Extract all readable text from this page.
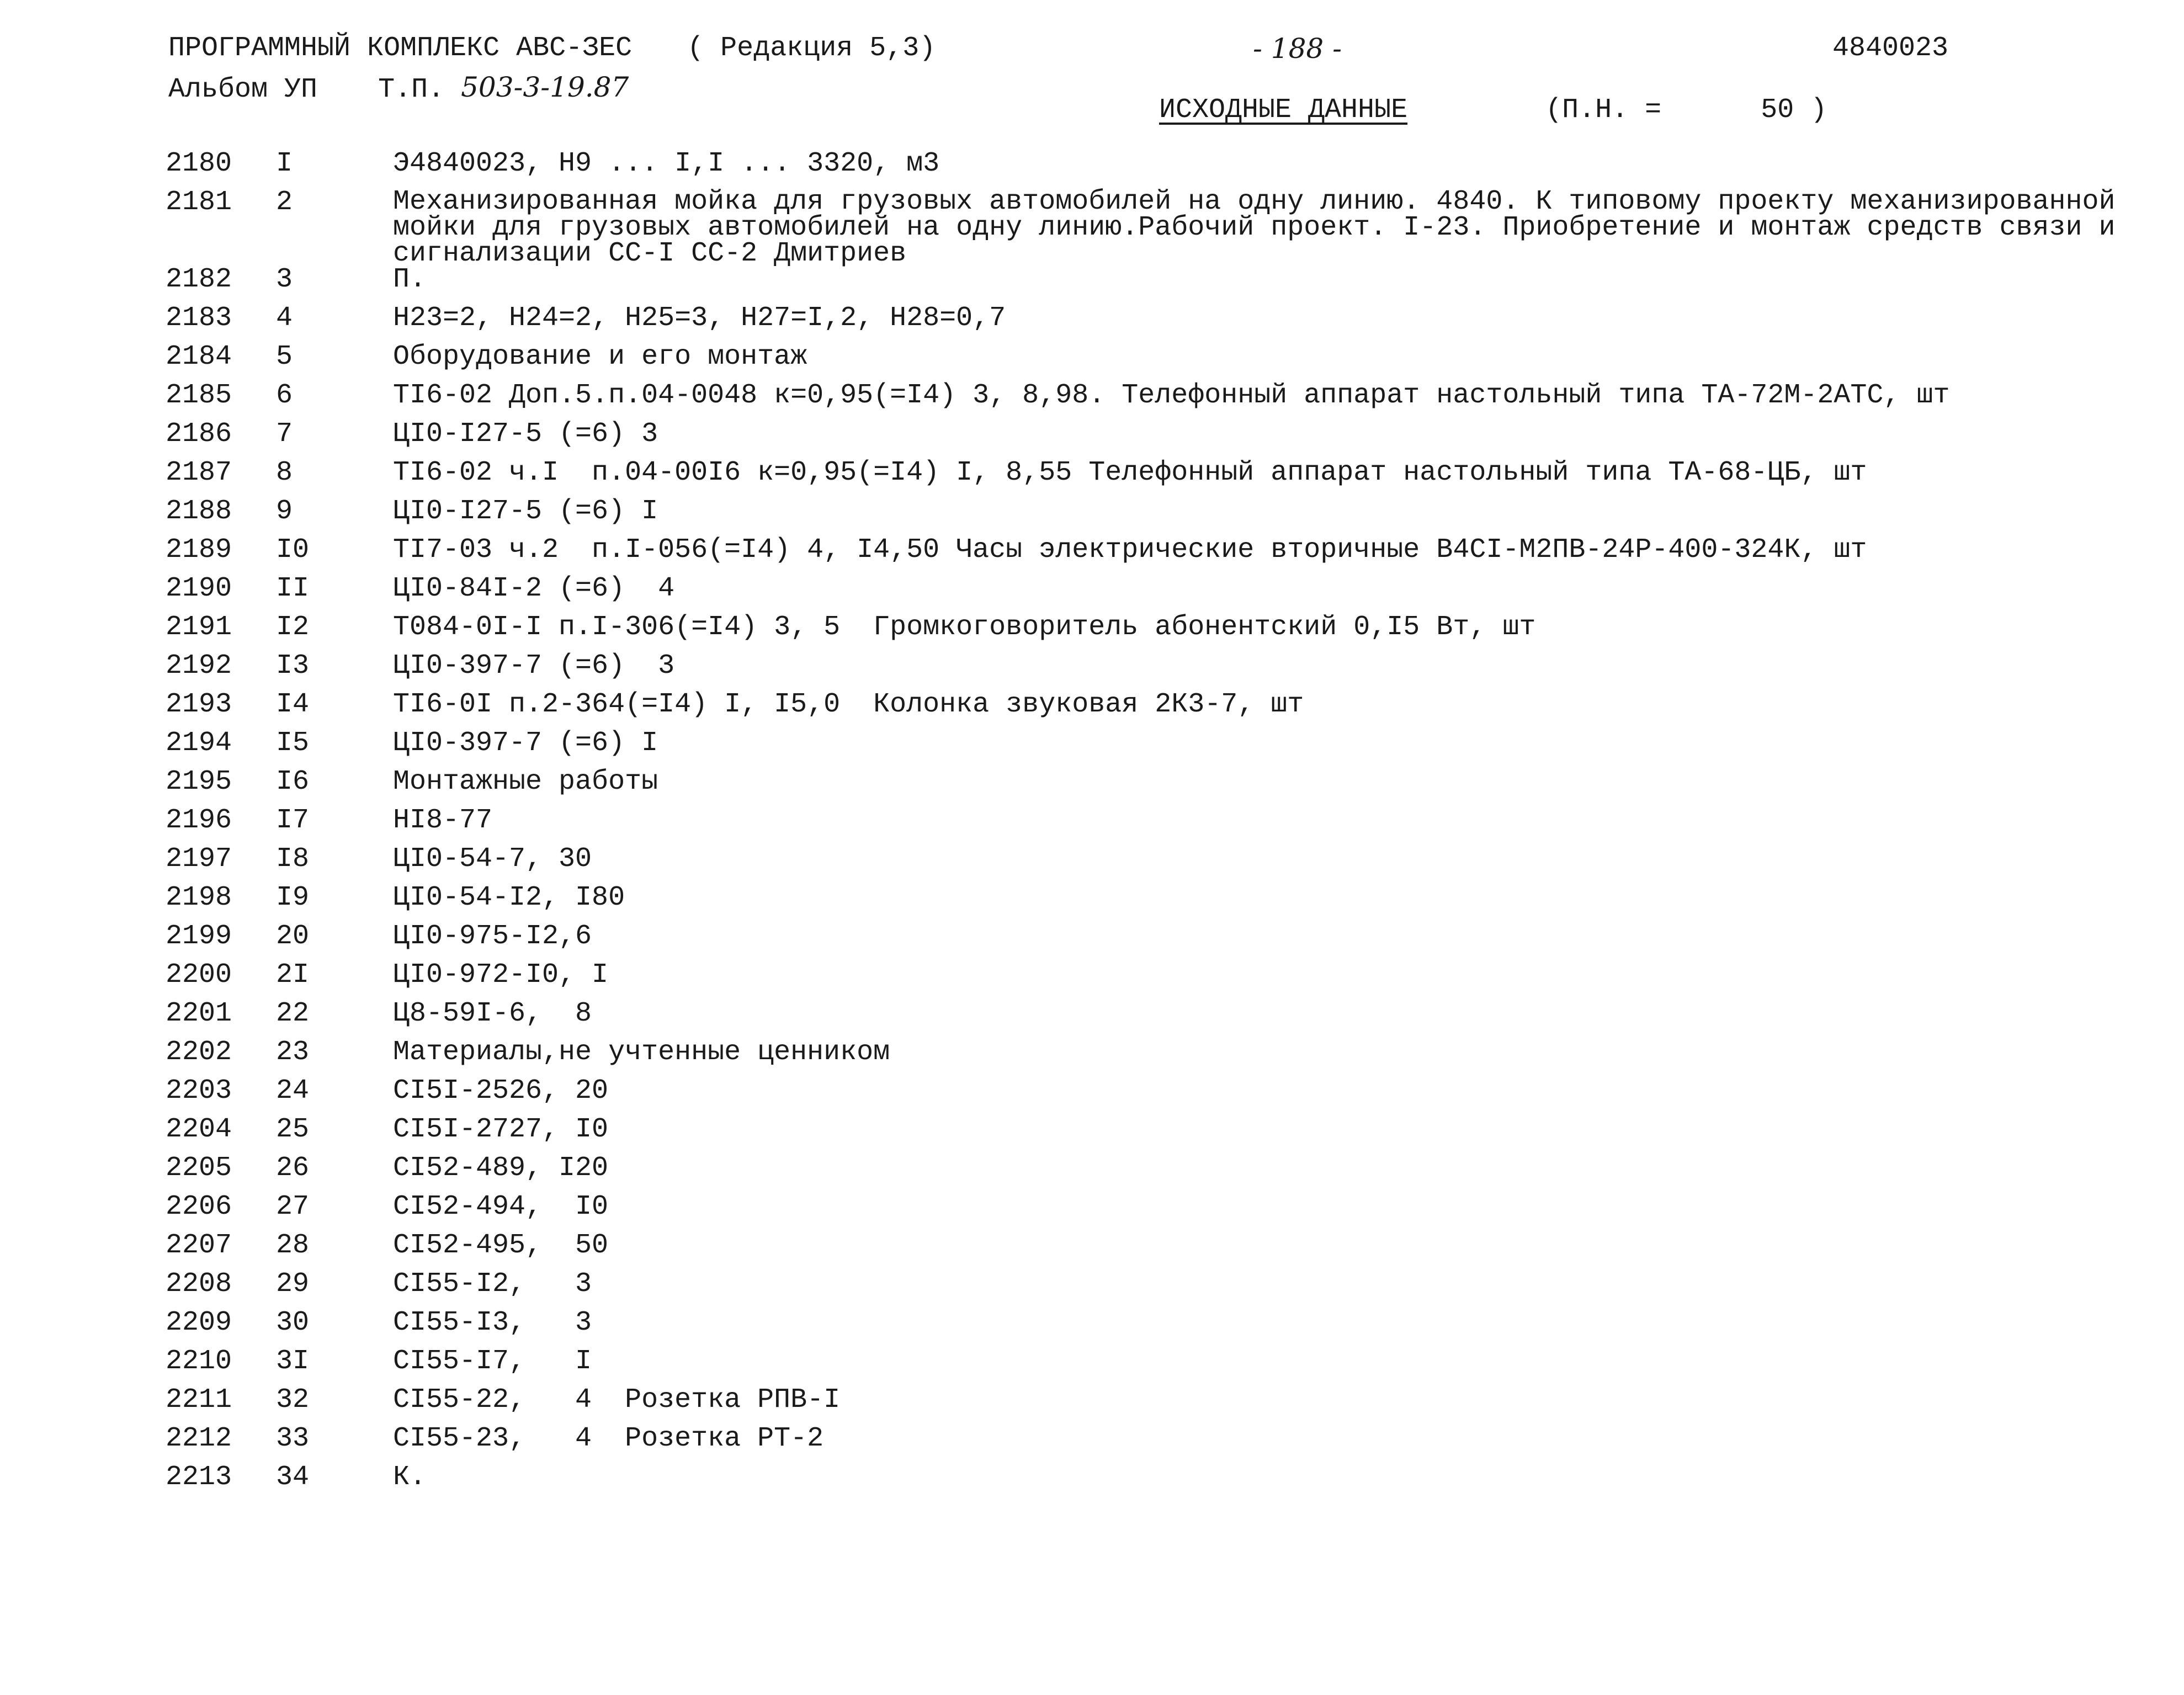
ПРОГРАММНЫЙ КОМПЛЕКС АВС-ЗЕС ( Редакция 5,3)	- 188 -	4840023
Альбом УП Т.П. 503-3-19.87
ИСХОДНЫЕ ДАННЫЕ	(П.Н. =	50 )
2180	I	Э4840023, Н9 ... I,I ... 3320, м3
2181	2	Механизированная мойка для грузовых автомобилей на одну линию. 4840. К типовому проекту механизированной мойки для грузовых автомобилей на одну линию.Рабочий проект. I-23. Приобретение и монтаж средств связи и сигнализации СС-I СС-2 Дмитриев
2182	3	П.
2183	4	Н23=2, Н24=2, Н25=3, Н27=I,2, Н28=0,7
2184	5	Оборудование и его монтаж
2185	6	ТI6-02 Доп.5.п.04-0048 к=0,95(=I4) 3, 8,98. Телефонный аппарат настольный типа ТА-72М-2АТС, шт
2186	7	ЦI0-I27-5 (=6) 3
2187	8	ТI6-02 ч.I  п.04-00I6 к=0,95(=I4) I, 8,55 Телефонный аппарат настольный типа ТА-68-ЦБ, шт
2188	9	ЦI0-I27-5 (=6) I
2189	I0	ТI7-03 ч.2  п.I-056(=I4) 4, I4,50 Часы электрические вторичные В4СI-М2ПВ-24Р-400-324К, шт
2190	II	ЦI0-84I-2 (=6)  4
2191	I2	Т084-0I-I п.I-306(=I4) 3, 5  Громкоговоритель абонентский 0,I5 Вт, шт
2192	I3	ЦI0-397-7 (=6)  3
2193	I4	ТI6-0I п.2-364(=I4) I, I5,0  Колонка звуковая 2К3-7, шт
2194	I5	ЦI0-397-7 (=6) I
2195	I6	Монтажные работы
2196	I7	НI8-77
2197	I8	ЦI0-54-7, 30
2198	I9	ЦI0-54-I2, I80
2199	20	ЦI0-975-I2,6
2200	2I	ЦI0-972-I0, I
2201	22	Ц8-59I-6,  8
2202	23	Материалы,не учтенные ценником
2203	24	СI5I-2526, 20
2204	25	СI5I-2727, I0
2205	26	СI52-489, I20
2206	27	СI52-494,  I0
2207	28	СI52-495,  50
2208	29	СI55-I2,   3
2209	30	СI55-I3,   3
2210	3I	СI55-I7,   I
2211	32	СI55-22,   4  Розетка РПВ-I
2212	33	СI55-23,   4  Розетка РТ-2
2213	34	К.
